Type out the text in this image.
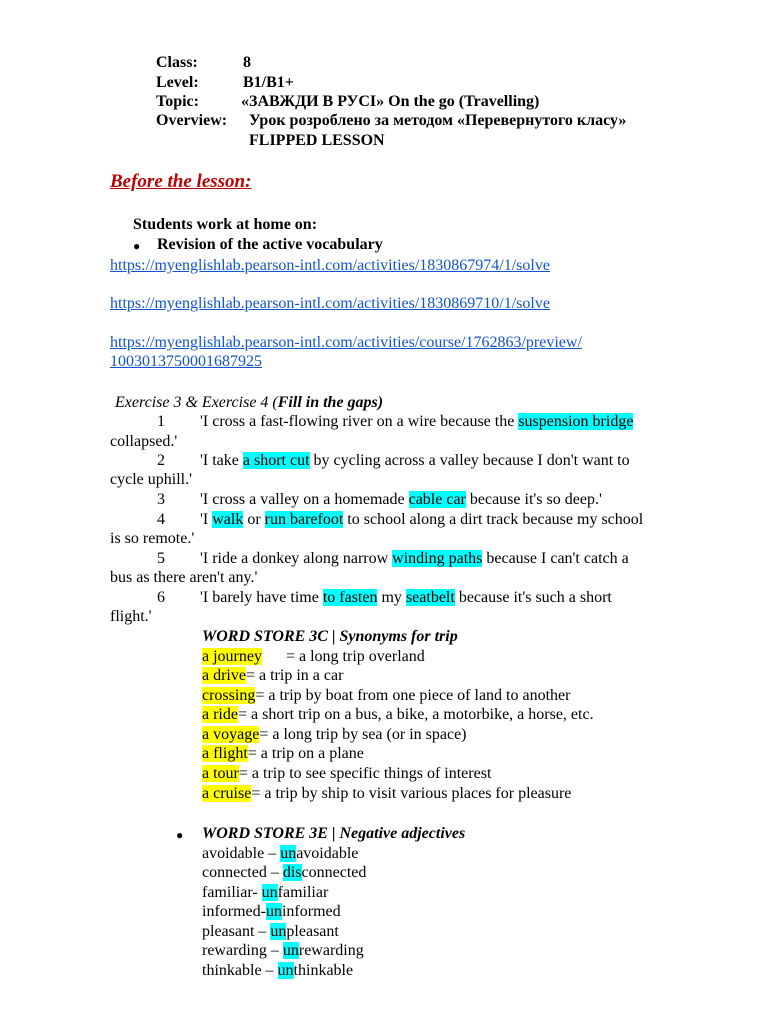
Class:	8
Level:	B1/B1+
Topic:	«ЗАВЖДИ В РУСІ» On the go (Travelling)
Overview: Урок розроблено за методом «Перевернутого класу»
FLIPPED LESSON
Before the lesson:
Students work at home on:
● Revision of the active vocabulary
https://myenglishlab.pearson-intl.com/activities/1830867974/1/solve
https://myenglishlab.pearson-intl.com/activities/1830869710/1/solve
https://myenglishlab.pearson-intl.com/activities/course/1762863/preview/
1003013750001687925
Exercise 3 & Exercise 4 (Fill in the gaps)
1 'I cross a fast-flowing river on a wire because the suspension bridge
collapsed.'
2 'I take a short cut by cycling across a valley because I don't want to
cycle uphill.'
3 'I cross a valley on a homemade cable car because it's so deep.'
4 'I walk or run barefoot to school along a dirt track because my school
is so remote.'
5 'I ride a donkey along narrow winding paths because I can't catch a
bus as there aren't any.'
6 'I barely have time to fasten my seatbelt because it's such a short
flight.'
WORD STORE 3C | Synonyms for trip
a journey      = a long trip overland
a drive= a trip in a car
crossing= a trip by boat from one piece of land to another
a ride= a short trip on a bus, a bike, a motorbike, a horse, etc.
a voyage= a long trip by sea (or in space)
a flight= a trip on a plane
a tour= a trip to see specific things of interest
a cruise= a trip by ship to visit various places for pleasure
● WORD STORE 3E | Negative adjectives
avoidable – unavoidable
connected – disconnected
familiar- unfamiliar
informed-uninformed
pleasant – unpleasant
rewarding – unrewarding
thinkable – unthinkable
